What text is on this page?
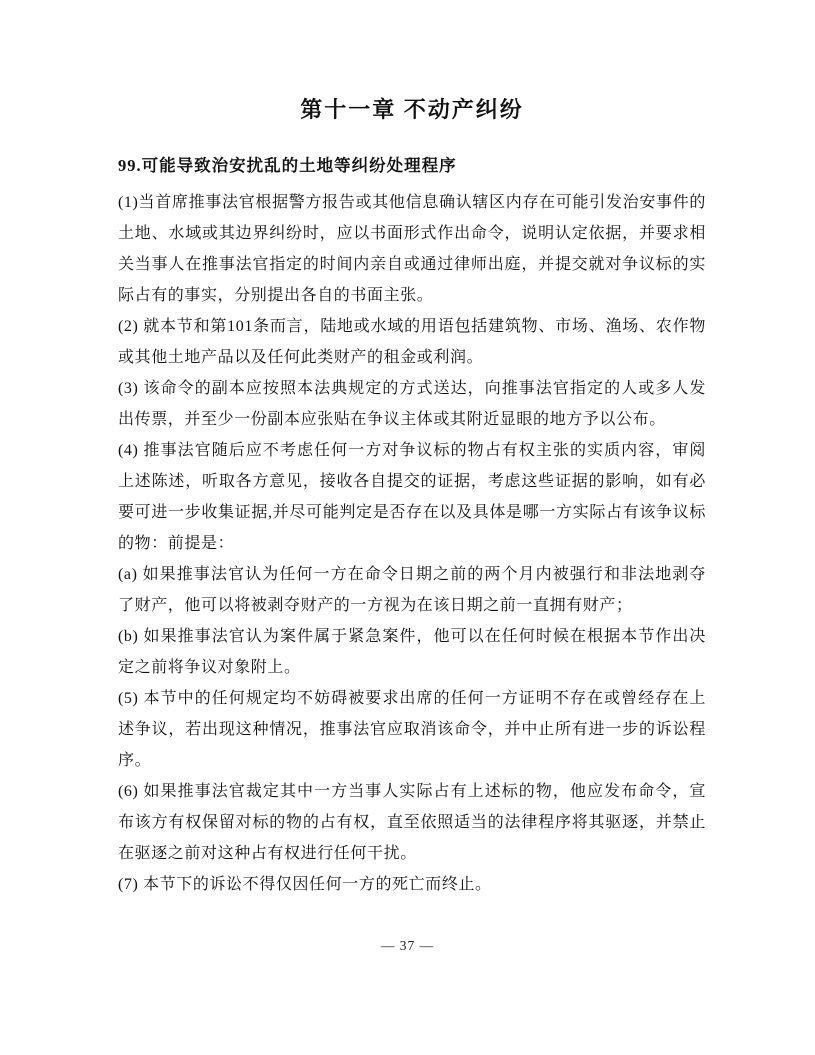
第十一章 不动产纠纷
99.可能导致治安扰乱的土地等纠纷处理程序

(1)当首席推事法官根据警方报告或其他信息确认辖区内存在可能引发治安事件的土地、水域或其边界纠纷时，应以书面形式作出命令，说明认定依据，并要求相关当事人在推事法官指定的时间内亲自或通过律师出庭，并提交就对争议标的实际占有的事实，分别提出各自的书面主张。

(2) 就本节和第101条而言，陆地或水域的用语包括建筑物、市场、渔场、农作物或其他土地产品以及任何此类财产的租金或利润。

(3) 该命令的副本应按照本法典规定的方式送达，向推事法官指定的人或多人发出传票，并至少一份副本应张贴在争议主体或其附近显眼的地方予以公布。

(4) 推事法官随后应不考虑任何一方对争议标的物占有权主张的实质内容，审阅上述陈述，听取各方意见，接收各自提交的证据，考虑这些证据的影响，如有必要可进一步收集证据,并尽可能判定是否存在以及具体是哪一方实际占有该争议标的物：前提是：

(a) 如果推事法官认为任何一方在命令日期之前的两个月内被强行和非法地剥夺了财产，他可以将被剥夺财产的一方视为在该日期之前一直拥有财产；

(b) 如果推事法官认为案件属于紧急案件，他可以在任何时候在根据本节作出决定之前将争议对象附上。

(5) 本节中的任何规定均不妨碍被要求出席的任何一方证明不存在或曾经存在上述争议，若出现这种情况，推事法官应取消该命令，并中止所有进一步的诉讼程序。

(6) 如果推事法官裁定其中一方当事人实际占有上述标的物，他应发布命令，宣布该方有权保留对标的物的占有权，直至依照适当的法律程序将其驱逐，并禁止在驱逐之前对这种占有权进行任何干扰。

(7) 本节下的诉讼不得仅因任何一方的死亡而终止。

— 37 —
